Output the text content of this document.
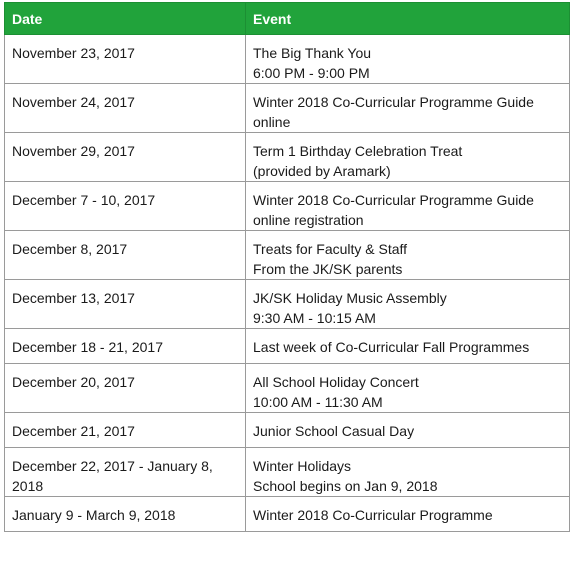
Date	Event

November 23, 2017	The Big Thank You
6:00 PM - 9:00 PM

November 24, 2017	Winter 2018 Co-Curricular Programme Guide
online

November 29, 2017	Term 1 Birthday Celebration Treat
(provided by Aramark)

December 7 - 10, 2017	Winter 2018 Co-Curricular Programme Guide
online registration

December 8, 2017	Treats for Faculty & Staff
From the JK/SK parents

December 13, 2017	JK/SK Holiday Music Assembly
9:30 AM - 10:15 AM

December 18 - 21, 2017	Last week of Co-Curricular Fall Programmes

December 20, 2017	All School Holiday Concert
10:00 AM - 11:30 AM

December 21, 2017	Junior School Casual Day

December 22, 2017 - January 8,
2018	Winter Holidays
School begins on Jan 9, 2018

January 9 - March 9, 2018	Winter 2018 Co-Curricular Programme
